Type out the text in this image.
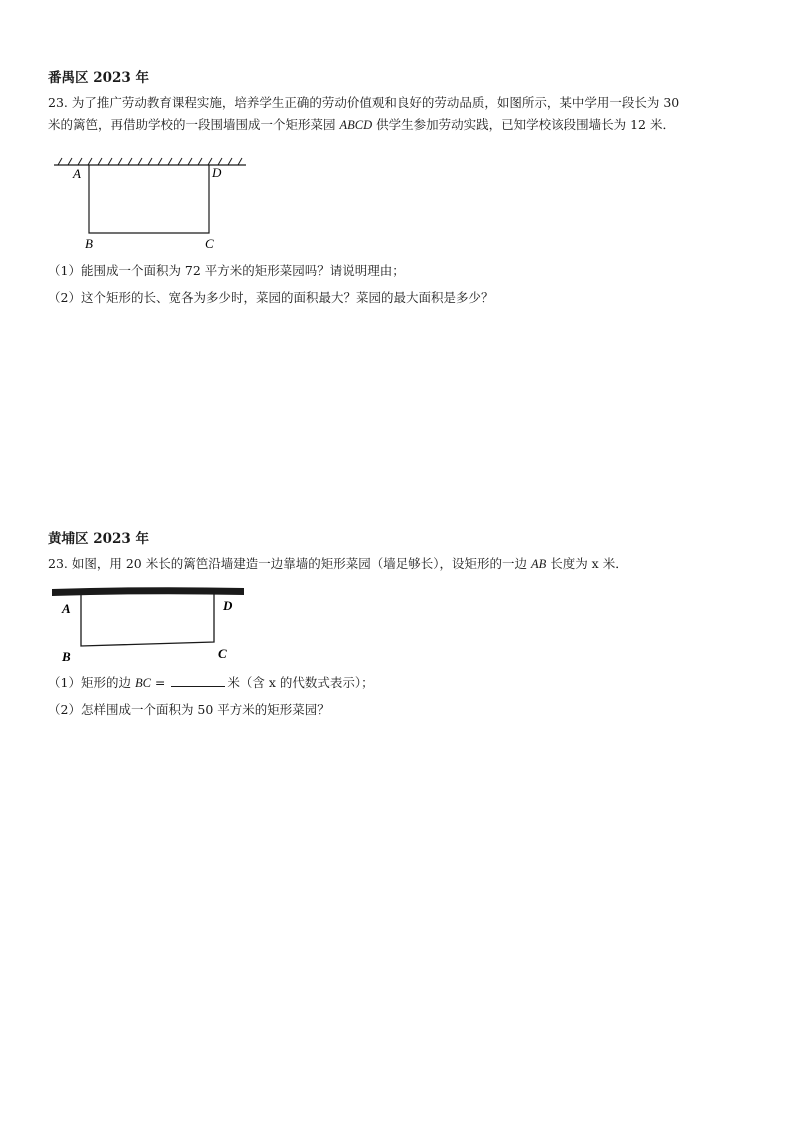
番禺区 2023 年
23. 为了推广劳动教育课程实施，培养学生正确的劳动价值观和良好的劳动品质，如图所示，某中学用一段长为 30
米的篱笆，再借助学校的一段围墙围成一个矩形菜园 ABCD 供学生参加劳动实践，已知学校该段围墙长为 12 米．
A	D
B	C
（1）能围成一个面积为 72 平方米的矩形菜园吗？请说明理由；
（2）这个矩形的长、宽各为多少时，菜园的面积最大？菜园的最大面积是多少？
黄埔区 2023 年
23. 如图，用 20 米长的篱笆沿墙建造一边靠墙的矩形菜园（墙足够长），设矩形的一边 AB 长度为 x 米．
A	D
B	C
（1）矩形的边 BC =	米（含 x 的代数式表示）；
（2）怎样围成一个面积为 50 平方米的矩形菜园？
